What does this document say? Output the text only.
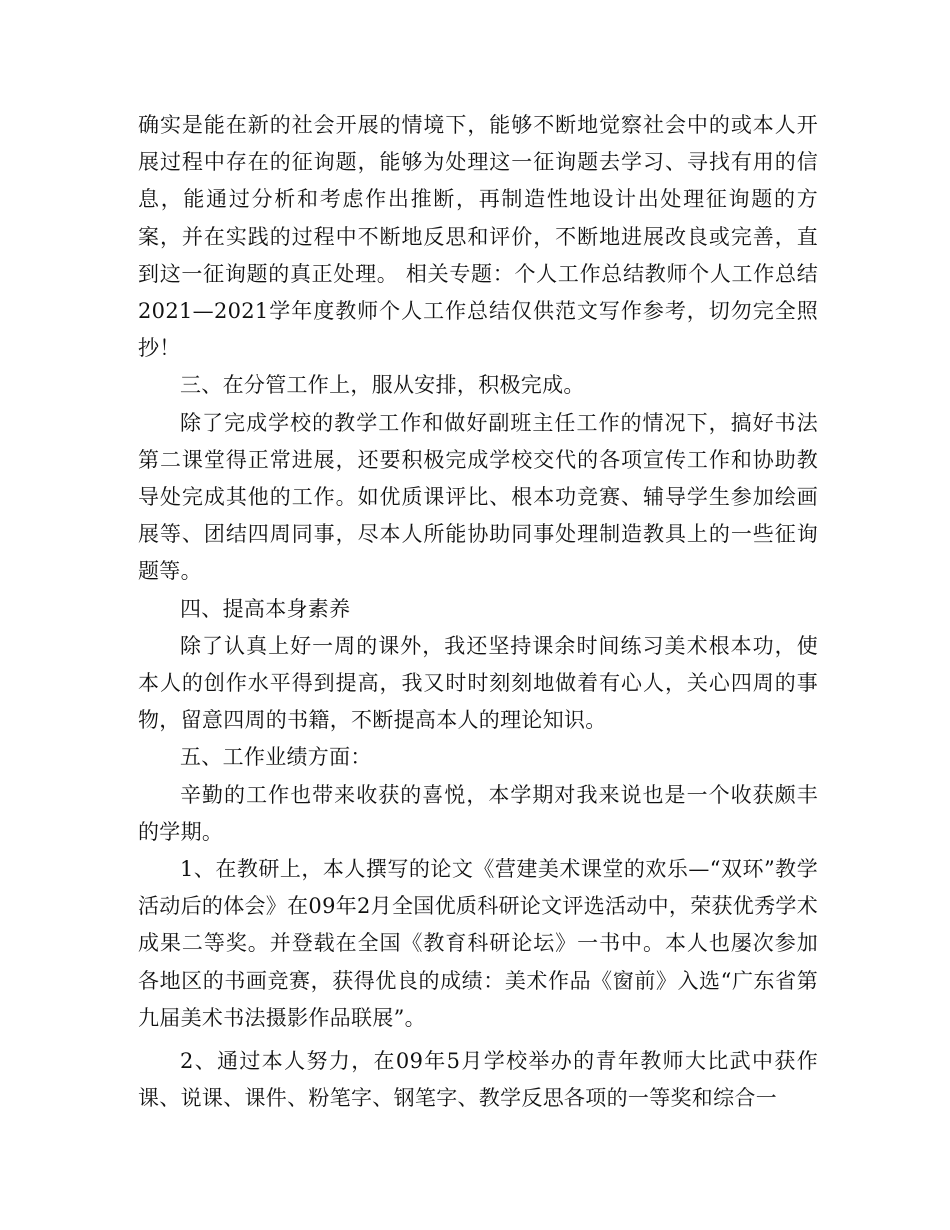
确实是能在新的社会开展的情境下，能够不断地觉察社会中的或本人开展过程中存在的征询题，能够为处理这一征询题去学习、寻找有用的信息，能通过分析和考虑作出推断，再制造性地设计出处理征询题的方案，并在实践的过程中不断地反思和评价，不断地进展改良或完善，直到这一征询题的真正处理。 相关专题：个人工作总结教师个人工作总结2021—2021学年度教师个人工作总结仅供范文写作参考，切勿完全照抄！

三、在分管工作上，服从安排，积极完成。

除了完成学校的教学工作和做好副班主任工作的情况下，搞好书法第二课堂得正常进展，还要积极完成学校交代的各项宣传工作和协助教导处完成其他的工作。如优质课评比、根本功竞赛、辅导学生参加绘画展等、团结四周同事，尽本人所能协助同事处理制造教具上的一些征询题等。

四、提高本身素养

除了认真上好一周的课外，我还坚持课余时间练习美术根本功，使本人的创作水平得到提高，我又时时刻刻地做着有心人，关心四周的事物，留意四周的书籍，不断提高本人的理论知识。

五、工作业绩方面：

辛勤的工作也带来收获的喜悦，本学期对我来说也是一个收获颇丰的学期。

1、在教研上，本人撰写的论文《营建美术课堂的欢乐—“双环”教学活动后的体会》在09年2月全国优质科研论文评选活动中，荣获优秀学术成果二等奖。并登载在全国《教育科研论坛》一书中。本人也屡次参加各地区的书画竞赛，获得优良的成绩：美术作品《窗前》入选“广东省第九届美术书法摄影作品联展”。

2、通过本人努力，在09年5月学校举办的青年教师大比武中获作课、说课、课件、粉笔字、钢笔字、教学反思各项的一等奖和综合一
